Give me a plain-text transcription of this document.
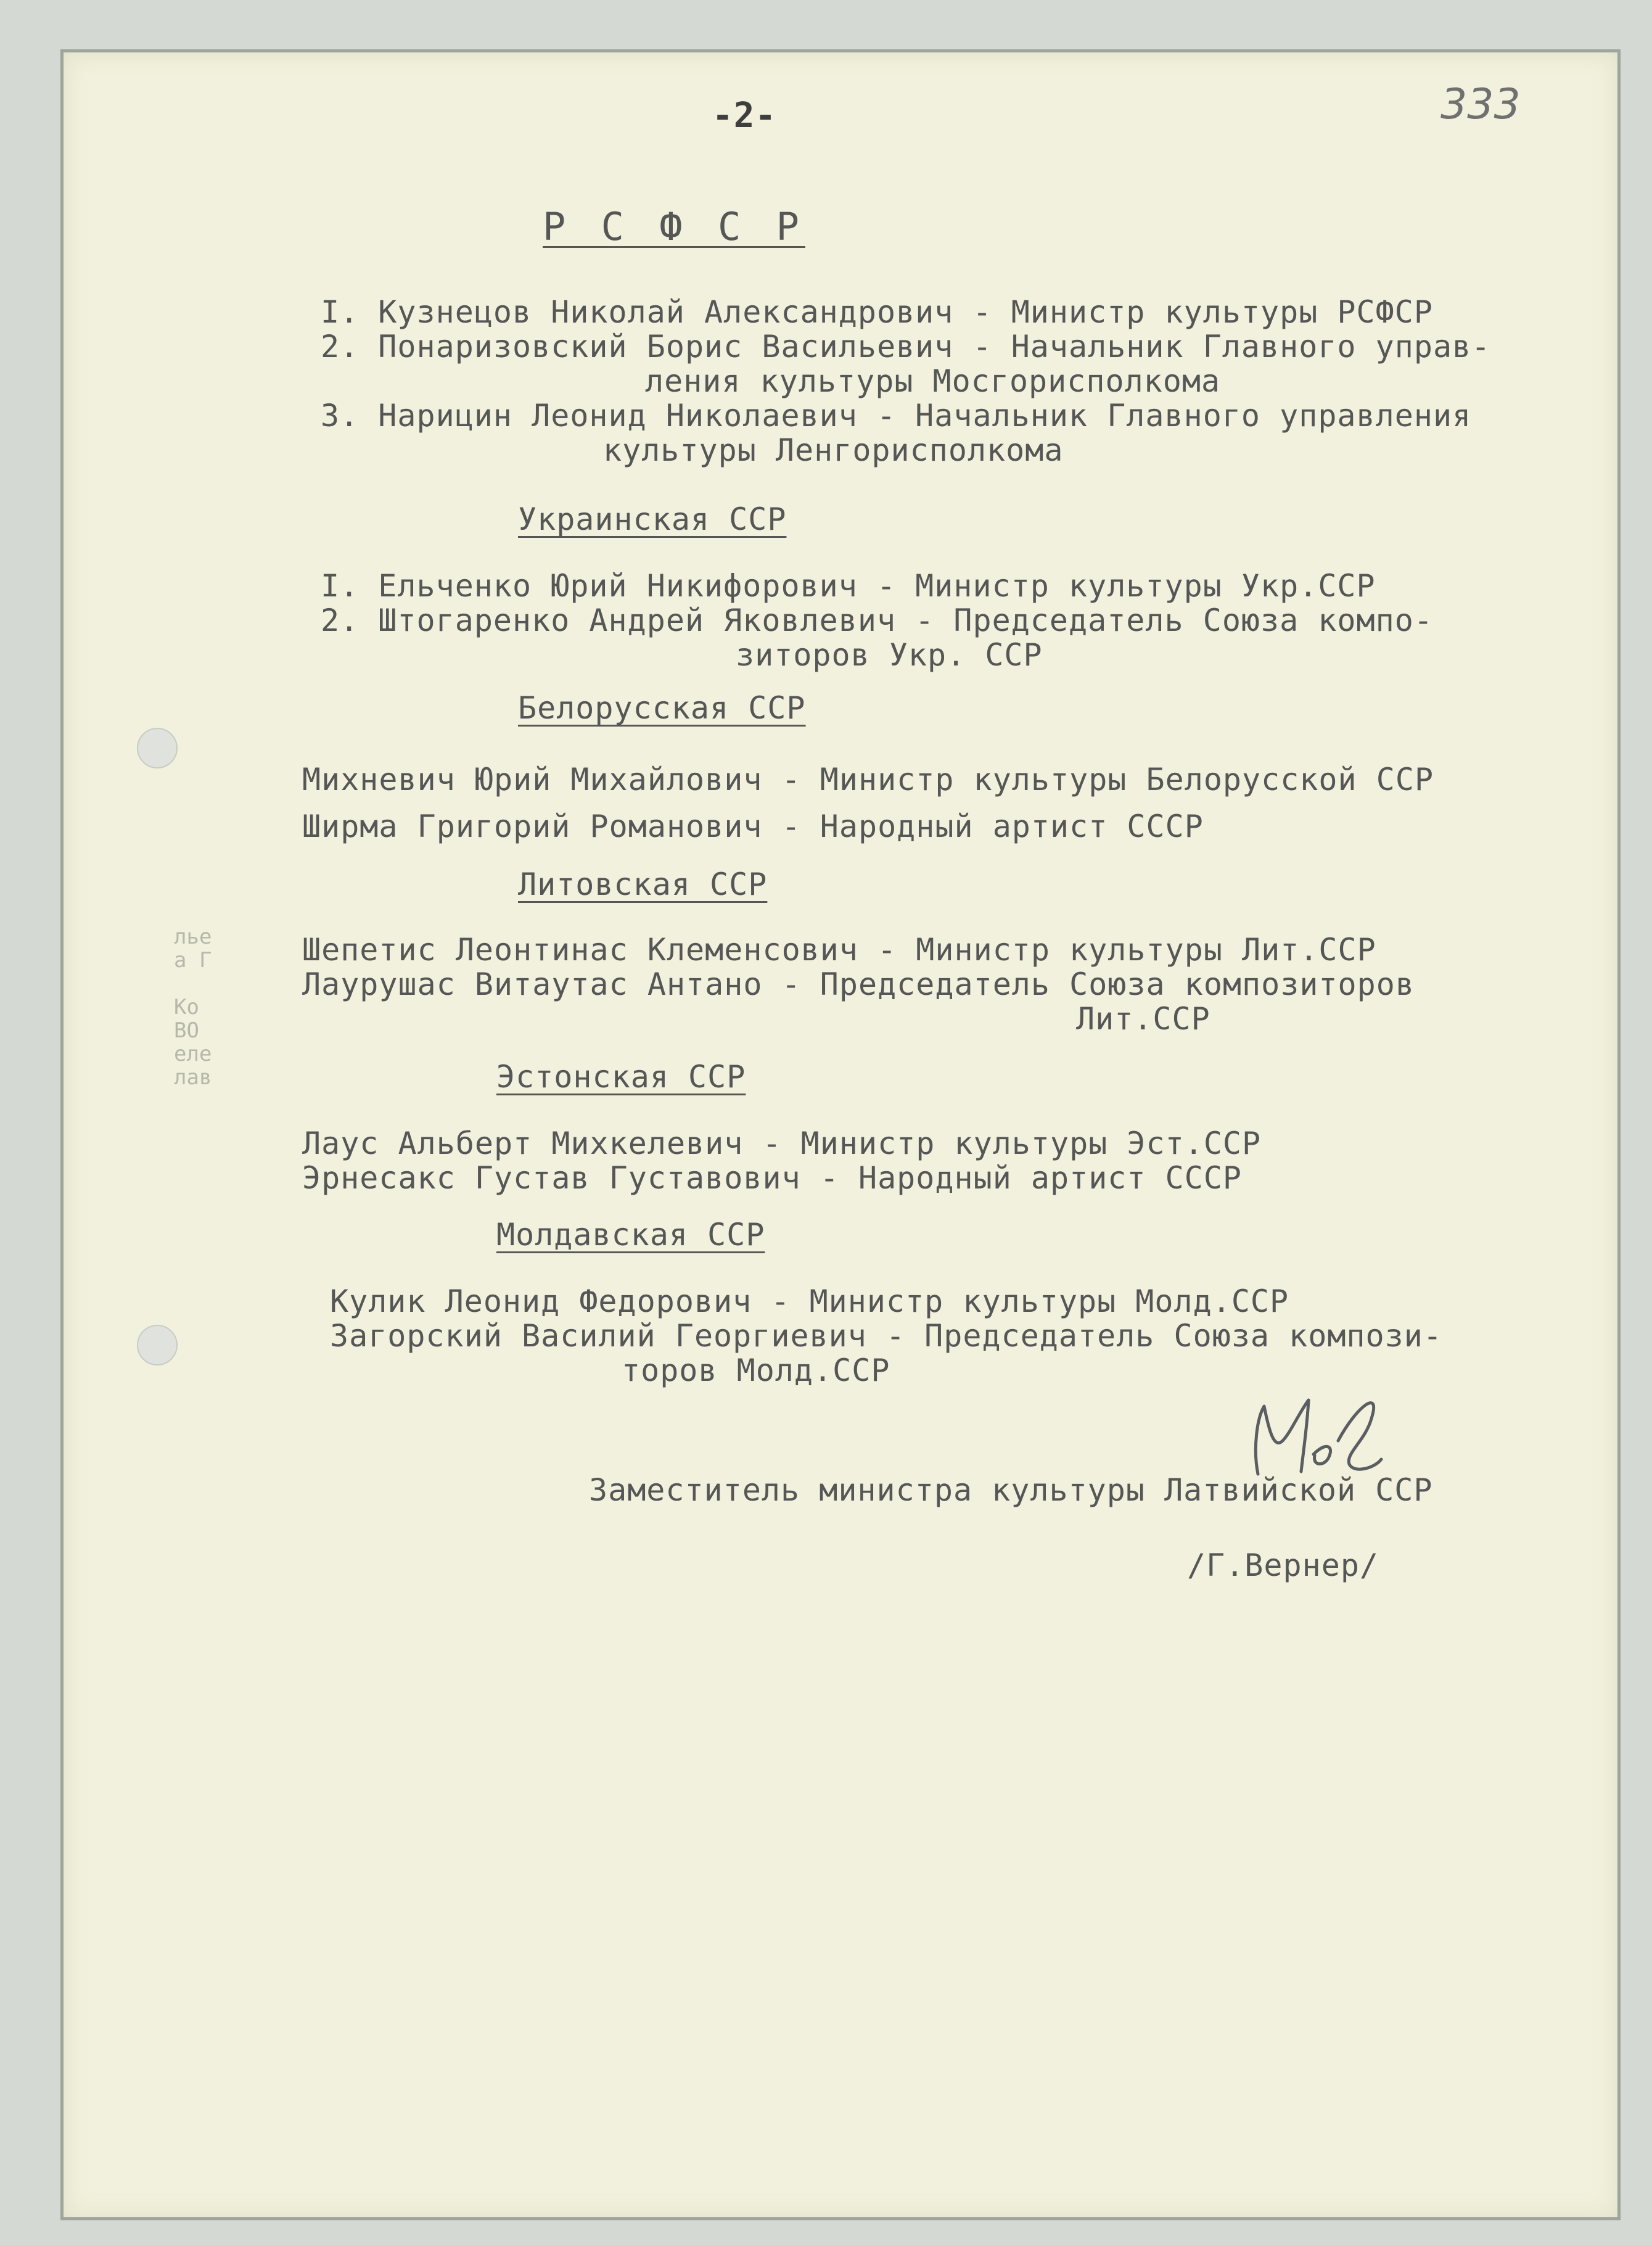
лье
а Г

Ко
ВО
еле
лав
-2-	333
Р С Ф С Р
I. Кузнецов Николай Александрович - Министр культуры РСФСР
2. Понаризовский Борис Васильевич - Начальник Главного управ-
ления культуры Мосгорисполкома
3. Нарицин Леонид Николаевич - Начальник Главного управления
культуры Ленгорисполкома
Украинская ССР
I. Ельченко Юрий Никифорович - Министр культуры Укр.ССР
2. Штогаренко Андрей Яковлевич - Председатель Союза компо-
зиторов Укр. ССР
Белорусская ССР
Михневич Юрий Михайлович - Министр культуры Белорусской ССР
Ширма Григорий Романович - Народный артист СССР
Литовская ССР
Шепетис Леонтинас Клеменсович - Министр культуры Лит.ССР
Лаурушас Витаутас Антано - Председатель Союза композиторов
Лит.ССР
Эстонская ССР
Лаус Альберт Михкелевич - Министр культуры Эст.ССР
Эрнесакс Густав Густавович - Народный артист СССР
Молдавская ССР
Кулик Леонид Федорович - Министр культуры Молд.ССР
Загорский Василий Георгиевич - Председатель Союза компози-
торов Молд.ССР
Заместитель министра культуры Латвийской ССР
/Г.Вернер/
